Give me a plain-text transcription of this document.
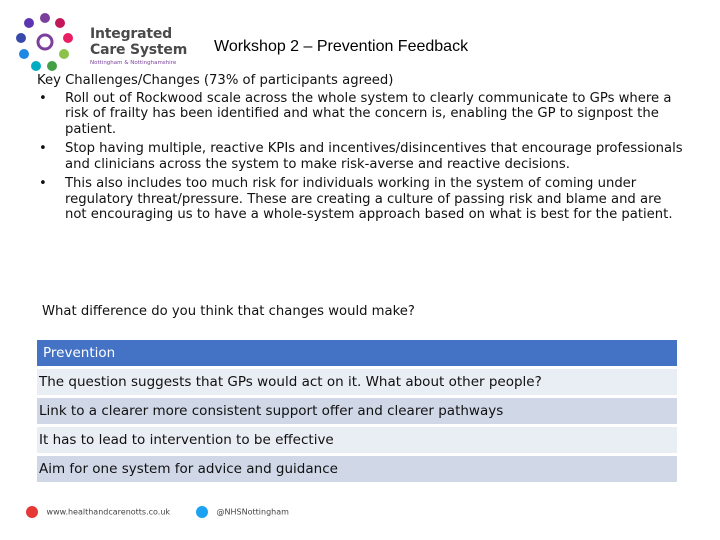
Integrated
Care System
Nottingham & Nottinghamshire
Workshop 2 – Prevention Feedback
Key Challenges/Changes (73% of participants agreed)
• Roll out of Rockwood scale across the whole system to clearly communicate to GPs where a risk of frailty has been identified and what the concern is, enabling the GP to signpost the patient.
• Stop having multiple, reactive KPIs and incentives/disincentives that encourage professionals and clinicians across the system to make risk-averse and reactive decisions.
• This also includes too much risk for individuals working in the system of coming under regulatory threat/pressure. These are creating a culture of passing risk and blame and are not encouraging us to have a whole-system approach based on what is best for the patient.
What difference do you think that changes would make?
Prevention
The question suggests that GPs would act on it. What about other people?
Link to a clearer more consistent support offer and clearer pathways
It has to lead to intervention to be effective
Aim for one system for advice and guidance
www.healthandcarenotts.co.uk	@NHSNottingham
